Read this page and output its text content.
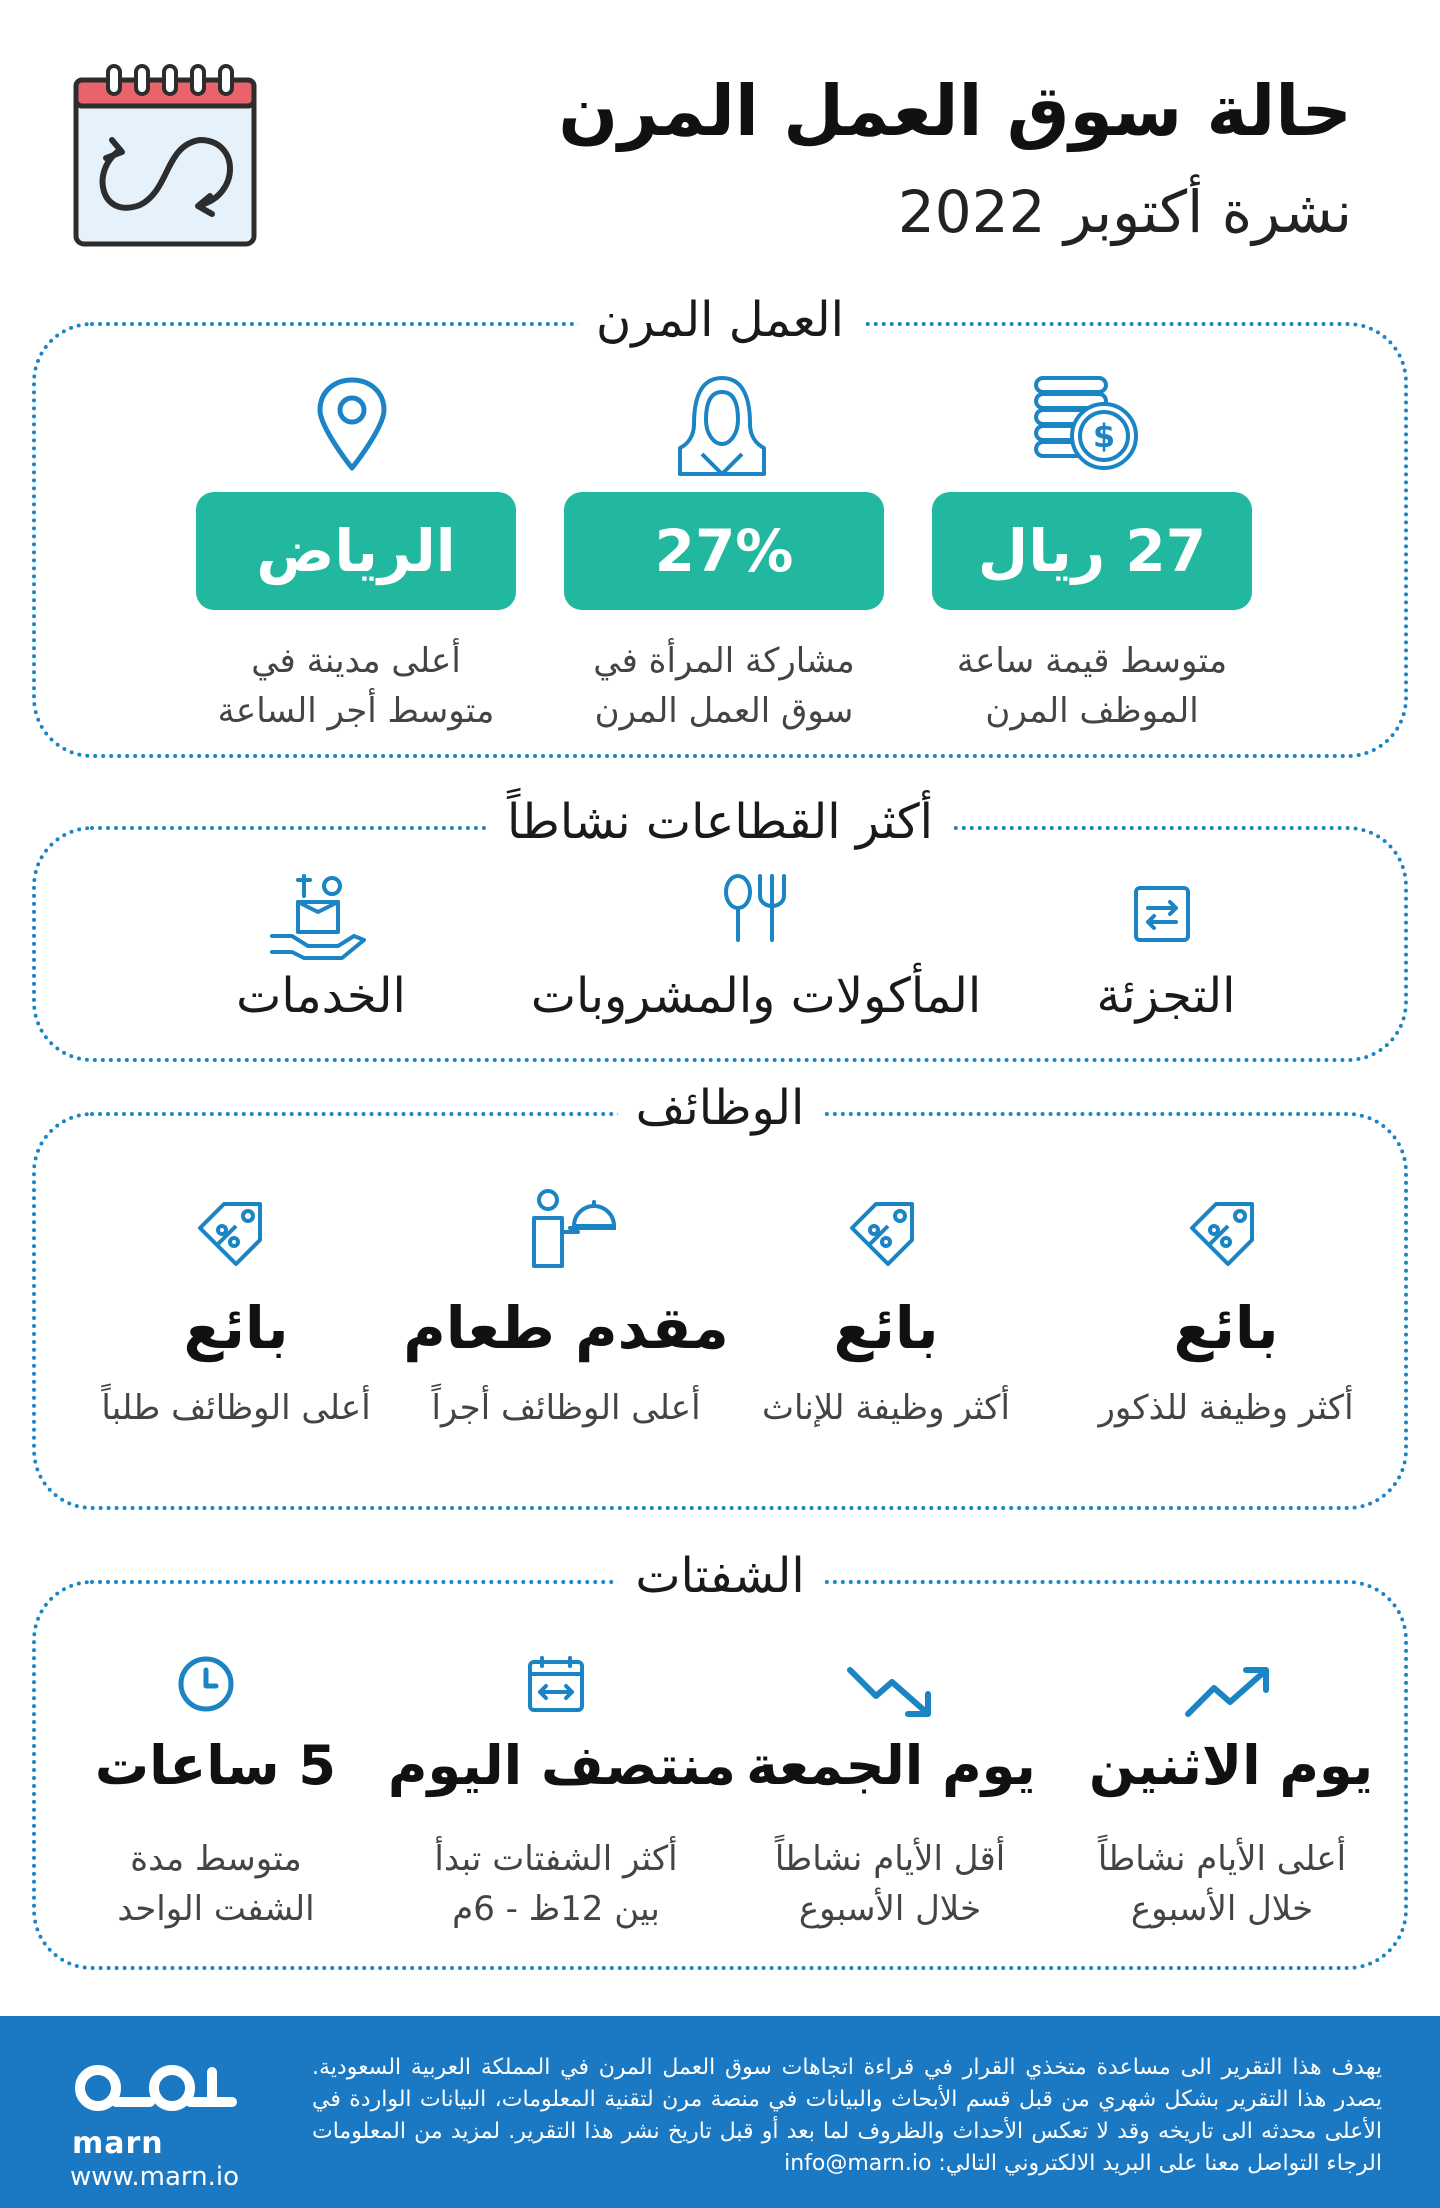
حالة سوق العمل المرن
نشرة أكتوبر 2022
العمل المرن
$
27 ريال
متوسط قيمة ساعة
الموظف المرن
27%
مشاركة المرأة في
سوق العمل المرن
الرياض
أعلى مدينة في
متوسط أجر الساعة
أكثر القطاعات نشاطاً
التجزئة
المأكولات والمشروبات
الخدمات
الوظائف
بائع
أكثر وظيفة للذكور
بائع
أكثر وظيفة للإناث
مقدم طعام
أعلى الوظائف أجراً
بائع
أعلى الوظائف طلباً
الشفتات
يوم الاثنين
أعلى الأيام نشاطاً
خلال الأسبوع
يوم الجمعة
أقل الأيام نشاطاً
خلال الأسبوع
منتصف اليوم
أكثر الشفتات تبدأ
بين 12ظ - 6م
5 ساعات
متوسط مدة
الشفت الواحد
marn
www.marn.io
يهدف هذا التقرير الى مساعدة متخذي القرار في قراءة اتجاهات سوق العمل المرن في المملكة العربية السعودية. يصدر هذا التقرير بشكل شهري من قبل قسم الأبحاث والبيانات في منصة مرن لتقنية المعلومات، البيانات الواردة في الأعلى محدثه الى تاريخه وقد لا تعكس الأحداث والظروف لما بعد أو قبل تاريخ نشر هذا التقرير. لمزيد من المعلومات الرجاء التواصل معنا على البريد الالكتروني التالي: info@marn.io
